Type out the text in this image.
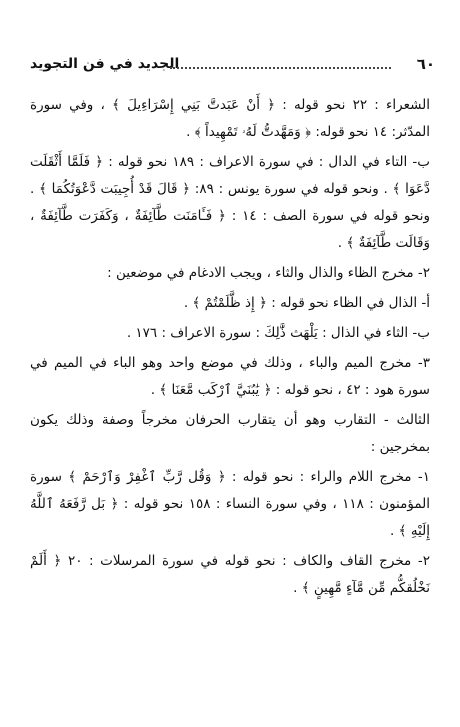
الجديد في فن التجويد	٦٠

الشعراء : ٢٢ نحو قوله : ﴿ أَنْ عَبَدتَّ بَنِي إِسْرَاءِيلَ ﴾ ، وفي سورة المدّثر: ١٤ نحو قوله: ﴿ وَمَهَّدتُّ لَهُۥ تَمْهِيداً ﴾ .

ب- التاء في الدال : في سورة الاعراف : ١٨٩ نحو قوله : ﴿ فَلَمَّا أَثْقَلَت دَّعَوَا ﴾ . ونحو قوله في سورة يونس : ٨٩: ﴿ قَالَ قَدْ أُجِيبَت دَّعْوَتُكُمَا ﴾ . ونحو قوله في سورة الصف : ١٤ : ﴿ فَـَٔامَنَت طَّآئِفَةٌ ، وَكَفَرَت طَّآئِفَةٌ ، وَقَالَت طَّآئِفَةٌ ﴾ .

٢- مخرج الظاء والذال والثاء ، ويجب الادغام في موضعين :

أ- الذال في الظاء نحو قوله : ﴿ إِذ ظَّلَمْتُمْ ﴾ .

ب- الثاء في الذال : يَلْهَث ذَّٰلِكَ : سورة الاعراف : ١٧٦ .

٣- مخرج الميم والباء ، وذلك في موضع واحد وهو الباء في الميم في سورة هود : ٤٢ ، نحو قوله : ﴿ يَٰبُنَيَّ ٱرْكَب مَّعَنَا ﴾ .

الثالث - التقارب وهو أن يتقارب الحرفان مخرجاً وصفة وذلك يكون بمخرجين :

١- مخرج اللام والراء : نحو قوله : ﴿ وَقُل رَّبِّ ٱغْفِرْ وَٱرْحَمْ ﴾ سورة المؤمنون : ١١٨ ، وفي سورة النساء : ١٥٨ نحو قوله : ﴿ بَل رَّفَعَهُ ٱللَّهُ إِلَيْهِ ﴾ .

٢- مخرج القاف والكاف : نحو قوله في سورة المرسلات : ٢٠ ﴿ أَلَمْ نَخْلُقكُّم مِّن مَّآءٍ مَّهِينٍ ﴾ .
